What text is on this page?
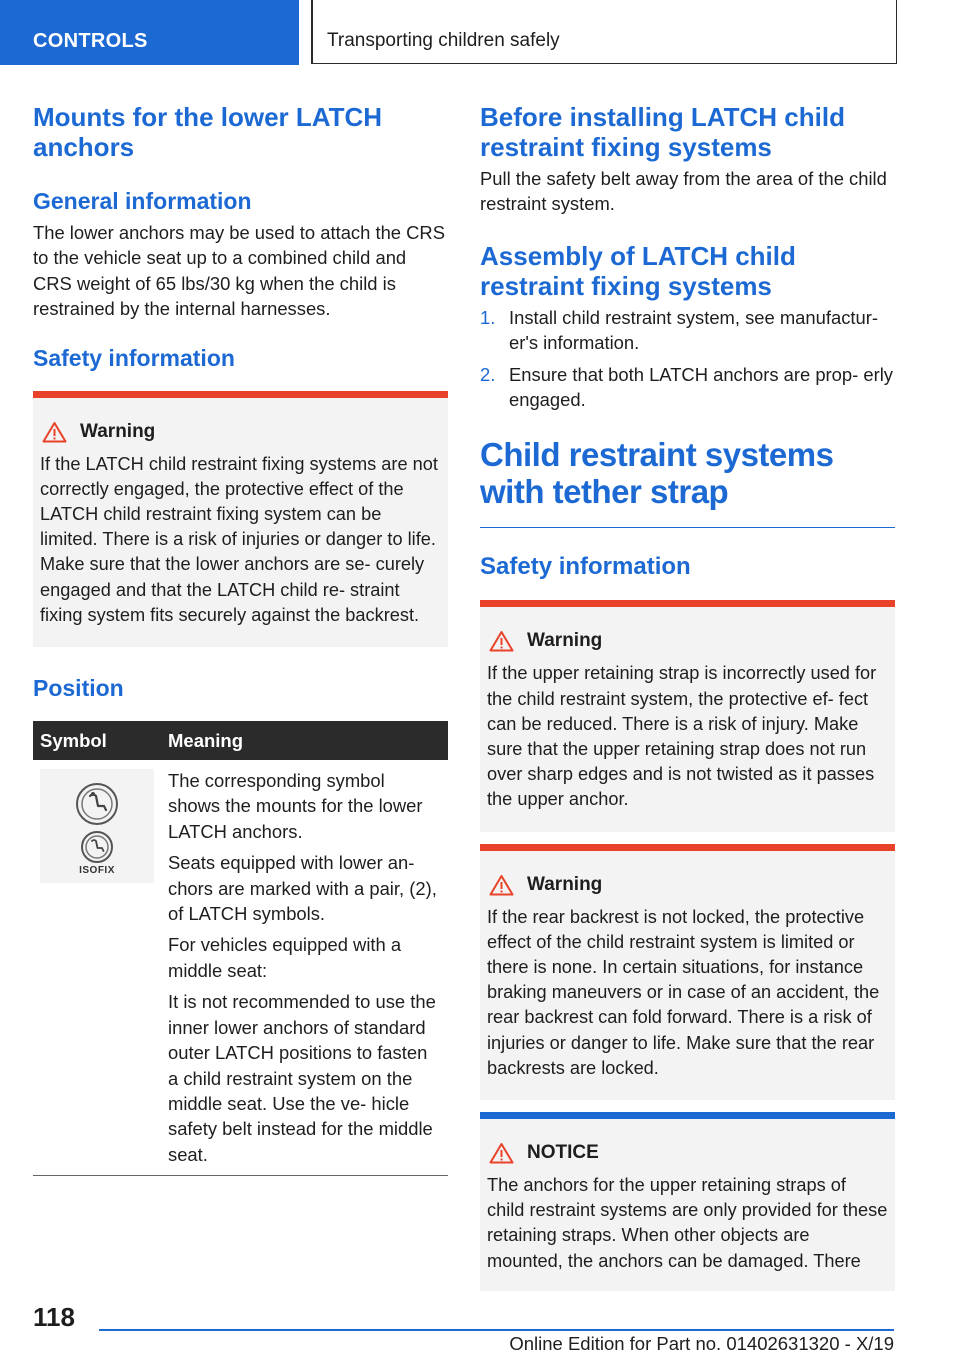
CONTROLS	Transporting children safely
Mounts for the lower LATCH anchors
General information

The lower anchors may be used to attach the CRS to the vehicle seat up to a combined child and CRS weight of 65 lbs/30 kg when the child is restrained by the internal harnesses.

Safety information
Warning

If the LATCH child restraint fixing systems are not correctly engaged, the protective effect of the LATCH child restraint fixing system can be limited. There is a risk of injuries or danger to life. Make sure that the lower anchors are se‐ curely engaged and that the LATCH child re‐ straint fixing system fits securely against the backrest.

Position
Symbol	Meaning

ISOFIX	The corresponding symbol shows the mounts for the lower LATCH anchors.

Seats equipped with lower an‐ chors are marked with a pair, (2), of LATCH symbols.

For vehicles equipped with a middle seat:

It is not recommended to use the inner lower anchors of standard outer LATCH positions to fasten a child restraint system on the middle seat. Use the ve‐ hicle safety belt instead for the middle seat.

Before installing LATCH child restraint fixing systems

Pull the safety belt away from the area of the child restraint system.

Assembly of LATCH child restraint fixing systems
1. Install child restraint system, see manufactur‐ er's information.
2. Ensure that both LATCH anchors are prop‐ erly engaged.
Child restraint systems with tether strap
Safety information
Warning

If the upper retaining strap is incorrectly used for the child restraint system, the protective ef‐ fect can be reduced. There is a risk of injury. Make sure that the upper retaining strap does not run over sharp edges and is not twisted as it passes the upper anchor.

Warning

If the rear backrest is not locked, the protective effect of the child restraint system is limited or there is none. In certain situations, for instance braking maneuvers or in case of an accident, the rear backrest can fold forward. There is a risk of injuries or danger to life. Make sure that the rear backrests are locked.

NOTICE

The anchors for the upper retaining straps of child restraint systems are only provided for these retaining straps. When other objects are mounted, the anchors can be damaged. There

118
Online Edition for Part no. 01402631320 - X/19
